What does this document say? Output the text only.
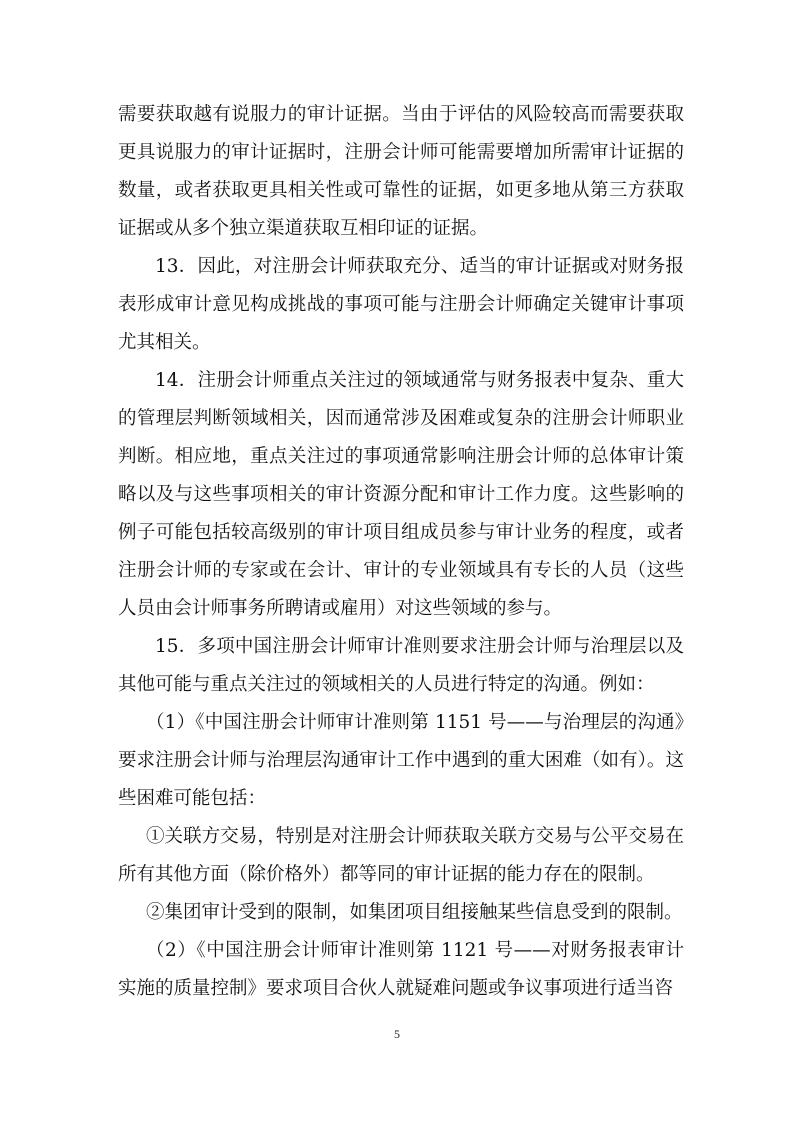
需要获取越有说服力的审计证据。当由于评估的风险较高而需要获取更具说服力的审计证据时，注册会计师可能需要增加所需审计证据的数量，或者获取更具相关性或可靠性的证据，如更多地从第三方获取证据或从多个独立渠道获取互相印证的证据。

13．因此，对注册会计师获取充分、适当的审计证据或对财务报表形成审计意见构成挑战的事项可能与注册会计师确定关键审计事项尤其相关。

14．注册会计师重点关注过的领域通常与财务报表中复杂、重大的管理层判断领域相关，因而通常涉及困难或复杂的注册会计师职业判断。相应地，重点关注过的事项通常影响注册会计师的总体审计策略以及与这些事项相关的审计资源分配和审计工作力度。这些影响的例子可能包括较高级别的审计项目组成员参与审计业务的程度，或者注册会计师的专家或在会计、审计的专业领域具有专长的人员（这些人员由会计师事务所聘请或雇用）对这些领域的参与。

15．多项中国注册会计师审计准则要求注册会计师与治理层以及其他可能与重点关注过的领域相关的人员进行特定的沟通。例如：

（1）《中国注册会计师审计准则第 1151 号——与治理层的沟通》要求注册会计师与治理层沟通审计工作中遇到的重大困难（如有）。这些困难可能包括：

①关联方交易，特别是对注册会计师获取关联方交易与公平交易在所有其他方面（除价格外）都等同的审计证据的能力存在的限制。

②集团审计受到的限制，如集团项目组接触某些信息受到的限制。

（2）《中国注册会计师审计准则第 1121 号——对财务报表审计实施的质量控制》要求项目合伙人就疑难问题或争议事项进行适当咨

5
